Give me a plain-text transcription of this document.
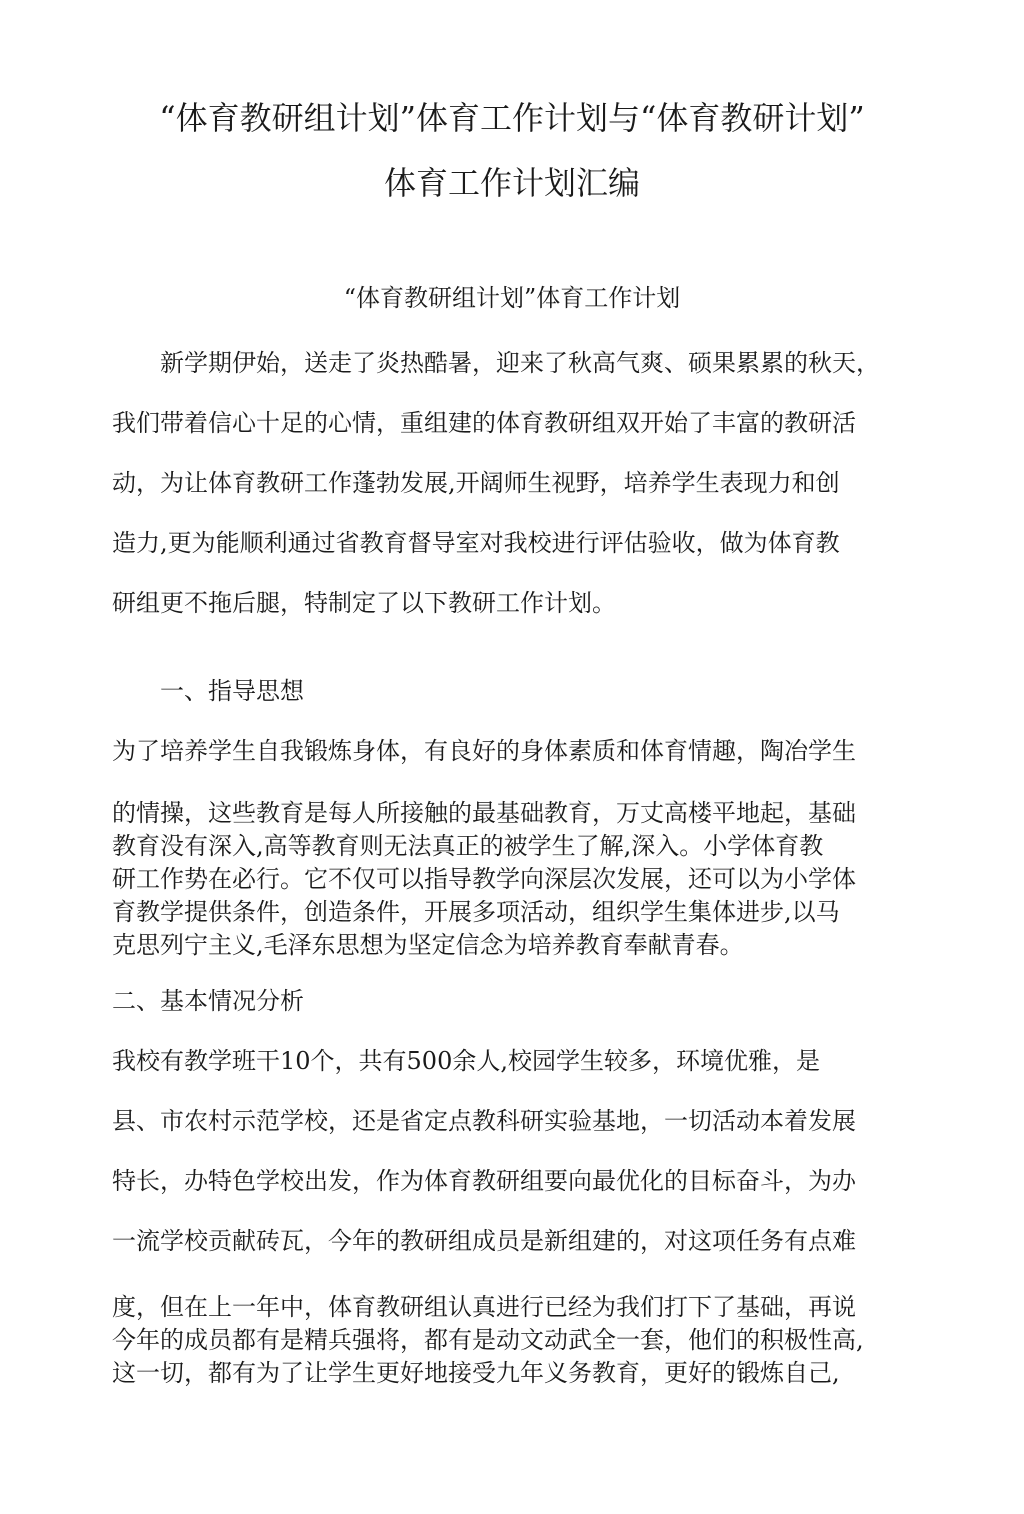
“体育教研组计划”体育工作计划与“体育教研计划”
体育工作计划汇编
“体育教研组计划”体育工作计划
新学期伊始，送走了炎热酷暑，迎来了秋高气爽、硕果累累的秋天，
我们带着信心十足的心情，重组建的体育教研组双开始了丰富的教研活
动，为让体育教研工作蓬勃发展,开阔师生视野，培养学生表现力和创
造力,更为能顺利通过省教育督导室对我校进行评估验收，做为体育教
研组更不拖后腿，特制定了以下教研工作计划。
一、指导思想
为了培养学生自我锻炼身体，有良好的身体素质和体育情趣，陶冶学生
的情操，这些教育是每人所接触的最基础教育，万丈高楼平地起，基础
教育没有深入,高等教育则无法真正的被学生了解,深入。小学体育教
研工作势在必行。它不仅可以指导教学向深层次发展，还可以为小学体
育教学提供条件，创造条件，开展多项活动，组织学生集体进步,以马
克思列宁主义,毛泽东思想为坚定信念为培养教育奉献青春。
二、基本情况分析
我校有教学班干10个，共有500余人,校园学生较多，环境优雅，是
县、市农村示范学校，还是省定点教科研实验基地，一切活动本着发展
特长，办特色学校出发，作为体育教研组要向最优化的目标奋斗，为办
一流学校贡献砖瓦，今年的教研组成员是新组建的，对这项任务有点难
度，但在上一年中，体育教研组认真进行已经为我们打下了基础，再说
今年的成员都有是精兵强将，都有是动文动武全一套，他们的积极性高,
这一切，都有为了让学生更好地接受九年义务教育，更好的锻炼自己,
